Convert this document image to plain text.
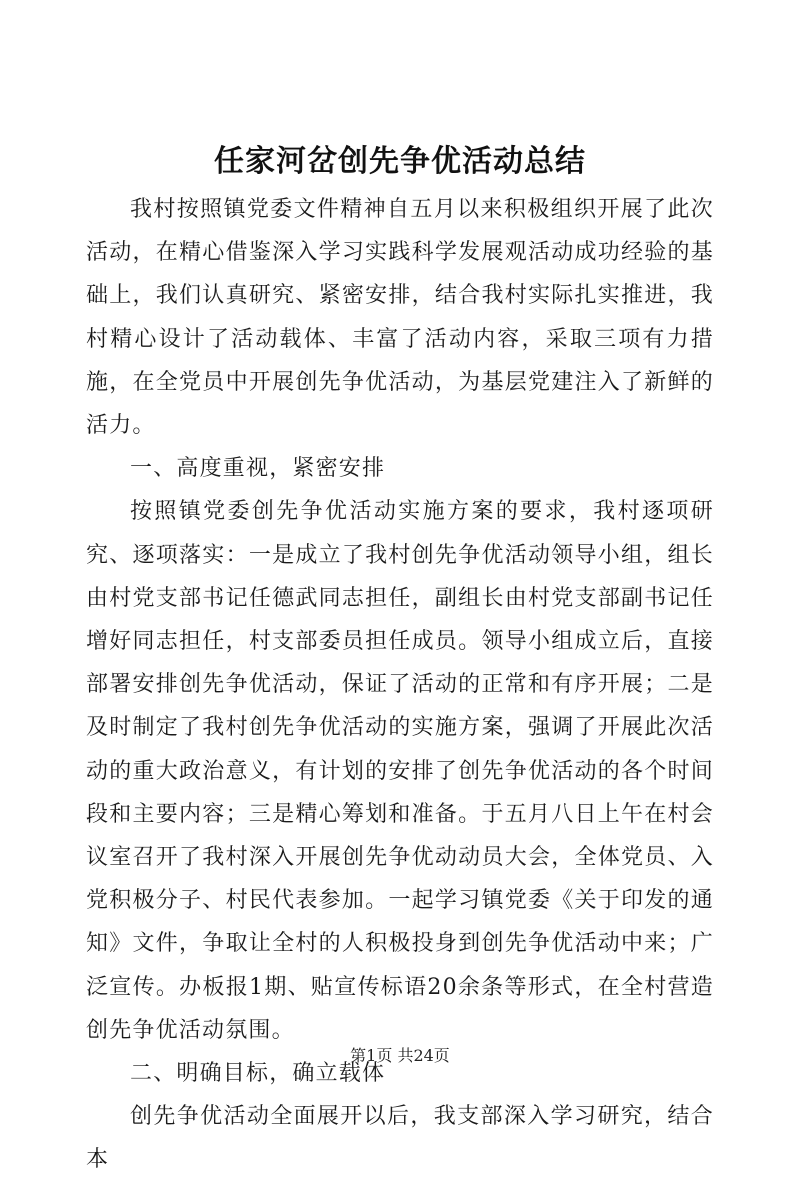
任家河岔创先争优活动总结

我村按照镇党委文件精神自五月以来积极组织开展了此次活动，在精心借鉴深入学习实践科学发展观活动成功经验的基础上，我们认真研究、紧密安排，结合我村实际扎实推进，我村精心设计了活动载体、丰富了活动内容，采取三项有力措施，在全党员中开展创先争优活动，为基层党建注入了新鲜的活力。

一、高度重视，紧密安排

按照镇党委创先争优活动实施方案的要求，我村逐项研究、逐项落实：一是成立了我村创先争优活动领导小组，组长由村党支部书记任德武同志担任，副组长由村党支部副书记任增好同志担任，村支部委员担任成员。领导小组成立后，直接部署安排创先争优活动，保证了活动的正常和有序开展；二是及时制定了我村创先争优活动的实施方案，强调了开展此次活动的重大政治意义，有计划的安排了创先争优活动的各个时间段和主要内容；三是精心筹划和准备。于五月八日上午在村会议室召开了我村深入开展创先争优动动员大会，全体党员、入党积极分子、村民代表参加。一起学习镇党委《关于印发的通知》文件，争取让全村的人积极投身到创先争优活动中来；广泛宣传。办板报1期、贴宣传标语20余条等形式，在全村营造创先争优活动氛围。

二、明确目标，确立载体

创先争优活动全面展开以后，我支部深入学习研究，结合本

第1页 共24页
